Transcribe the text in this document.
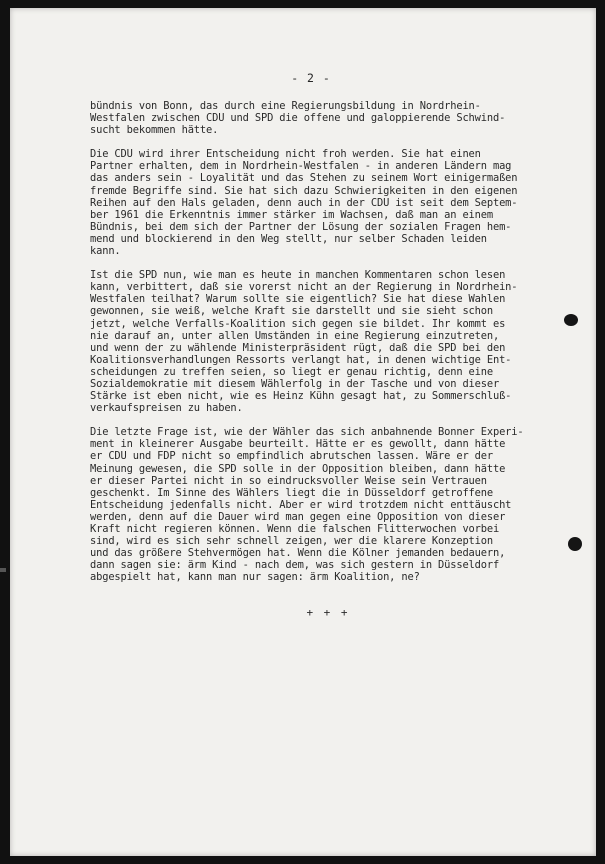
- 2 -
bündnis von Bonn, das durch eine Regierungsbildung in Nordrhein-
Westfalen zwischen CDU und SPD die offene und galoppierende Schwind-
sucht bekommen hätte.
Die CDU wird ihrer Entscheidung nicht froh werden. Sie hat einen
Partner erhalten, dem in Nordrhein-Westfalen - in anderen Ländern mag
das anders sein - Loyalität und das Stehen zu seinem Wort einigermaßen
fremde Begriffe sind. Sie hat sich dazu Schwierigkeiten in den eigenen
Reihen auf den Hals geladen, denn auch in der CDU ist seit dem Septem-
ber 1961 die Erkenntnis immer stärker im Wachsen, daß man an einem
Bündnis, bei dem sich der Partner der Lösung der sozialen Fragen hem-
mend und blockierend in den Weg stellt, nur selber Schaden leiden
kann.
Ist die SPD nun, wie man es heute in manchen Kommentaren schon lesen
kann, verbittert, daß sie vorerst nicht an der Regierung in Nordrhein-
Westfalen teilhat? Warum sollte sie eigentlich? Sie hat diese Wahlen
gewonnen, sie weiß, welche Kraft sie darstellt und sie sieht schon
jetzt, welche Verfalls-Koalition sich gegen sie bildet. Ihr kommt es
nie darauf an, unter allen Umständen in eine Regierung einzutreten,
und wenn der zu wählende Ministerpräsident rügt, daß die SPD bei den
Koalitionsverhandlungen Ressorts verlangt hat, in denen wichtige Ent-
scheidungen zu treffen seien, so liegt er genau richtig, denn eine
Sozialdemokratie mit diesem Wählerfolg in der Tasche und von dieser
Stärke ist eben nicht, wie es Heinz Kühn gesagt hat, zu Sommerschluß-
verkaufspreisen zu haben.
Die letzte Frage ist, wie der Wähler das sich anbahnende Bonner Experi-
ment in kleinerer Ausgabe beurteilt. Hätte er es gewollt, dann hätte
er CDU und FDP nicht so empfindlich abrutschen lassen. Wäre er der
Meinung gewesen, die SPD solle in der Opposition bleiben, dann hätte
er dieser Partei nicht in so eindrucksvoller Weise sein Vertrauen
geschenkt. Im Sinne des Wählers liegt die in Düsseldorf getroffene
Entscheidung jedenfalls nicht. Aber er wird trotzdem nicht enttäuscht
werden, denn auf die Dauer wird man gegen eine Opposition von dieser
Kraft nicht regieren können. Wenn die falschen Flitterwochen vorbei
sind, wird es sich sehr schnell zeigen, wer die klarere Konzeption
und das größere Stehvermögen hat. Wenn die Kölner jemanden bedauern,
dann sagen sie: ärm Kind - nach dem, was sich gestern in Düsseldorf
abgespielt hat, kann man nur sagen: ärm Koalition, ne?
+ + +
